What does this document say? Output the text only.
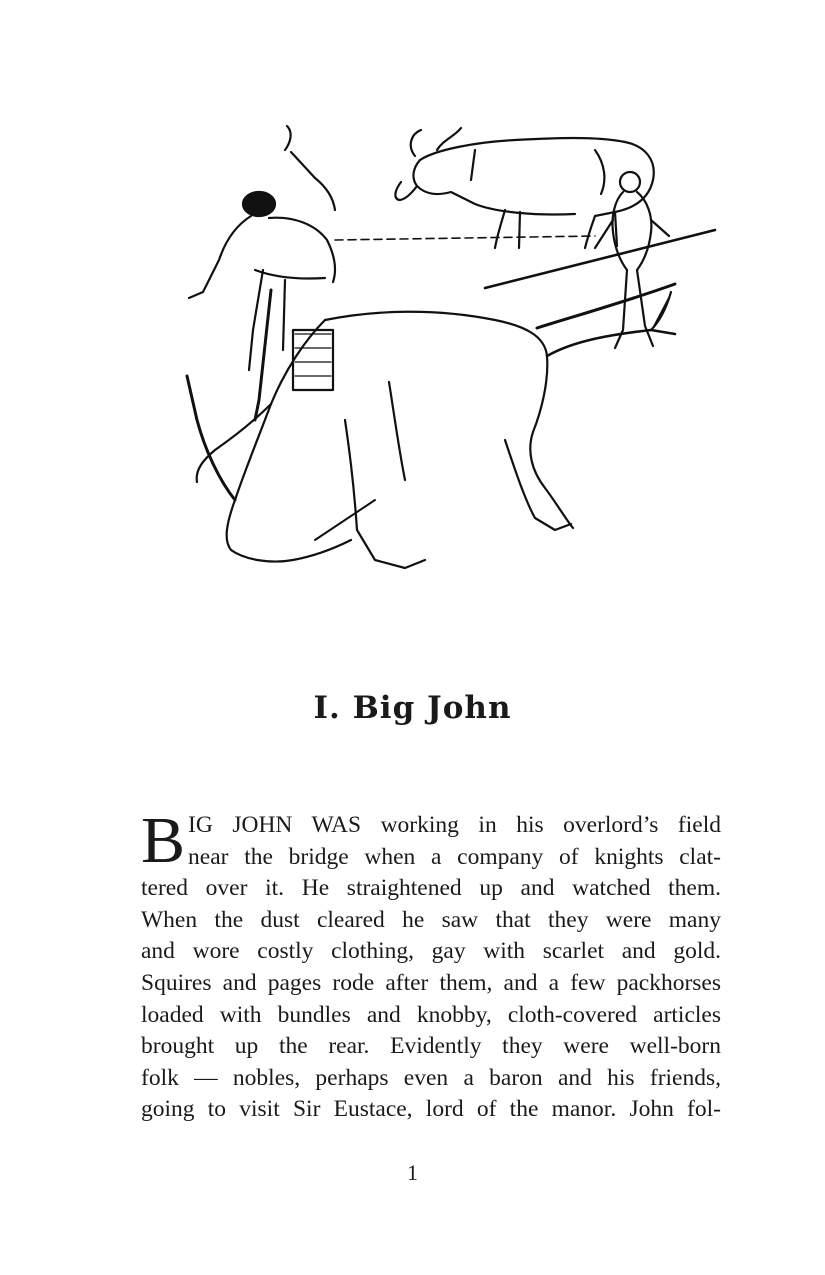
I. Big John
B IG JOHN WAS working in his overlord’s field
near the bridge when a company of knights clat-
tered over it. He straightened up and watched them.
When the dust cleared he saw that they were many
and wore costly clothing, gay with scarlet and gold.
Squires and pages rode after them, and a few packhorses
loaded with bundles and knobby, cloth-covered articles
brought up the rear. Evidently they were well-born
folk — nobles, perhaps even a baron and his friends,
going to visit Sir Eustace, lord of the manor. John fol-
1
